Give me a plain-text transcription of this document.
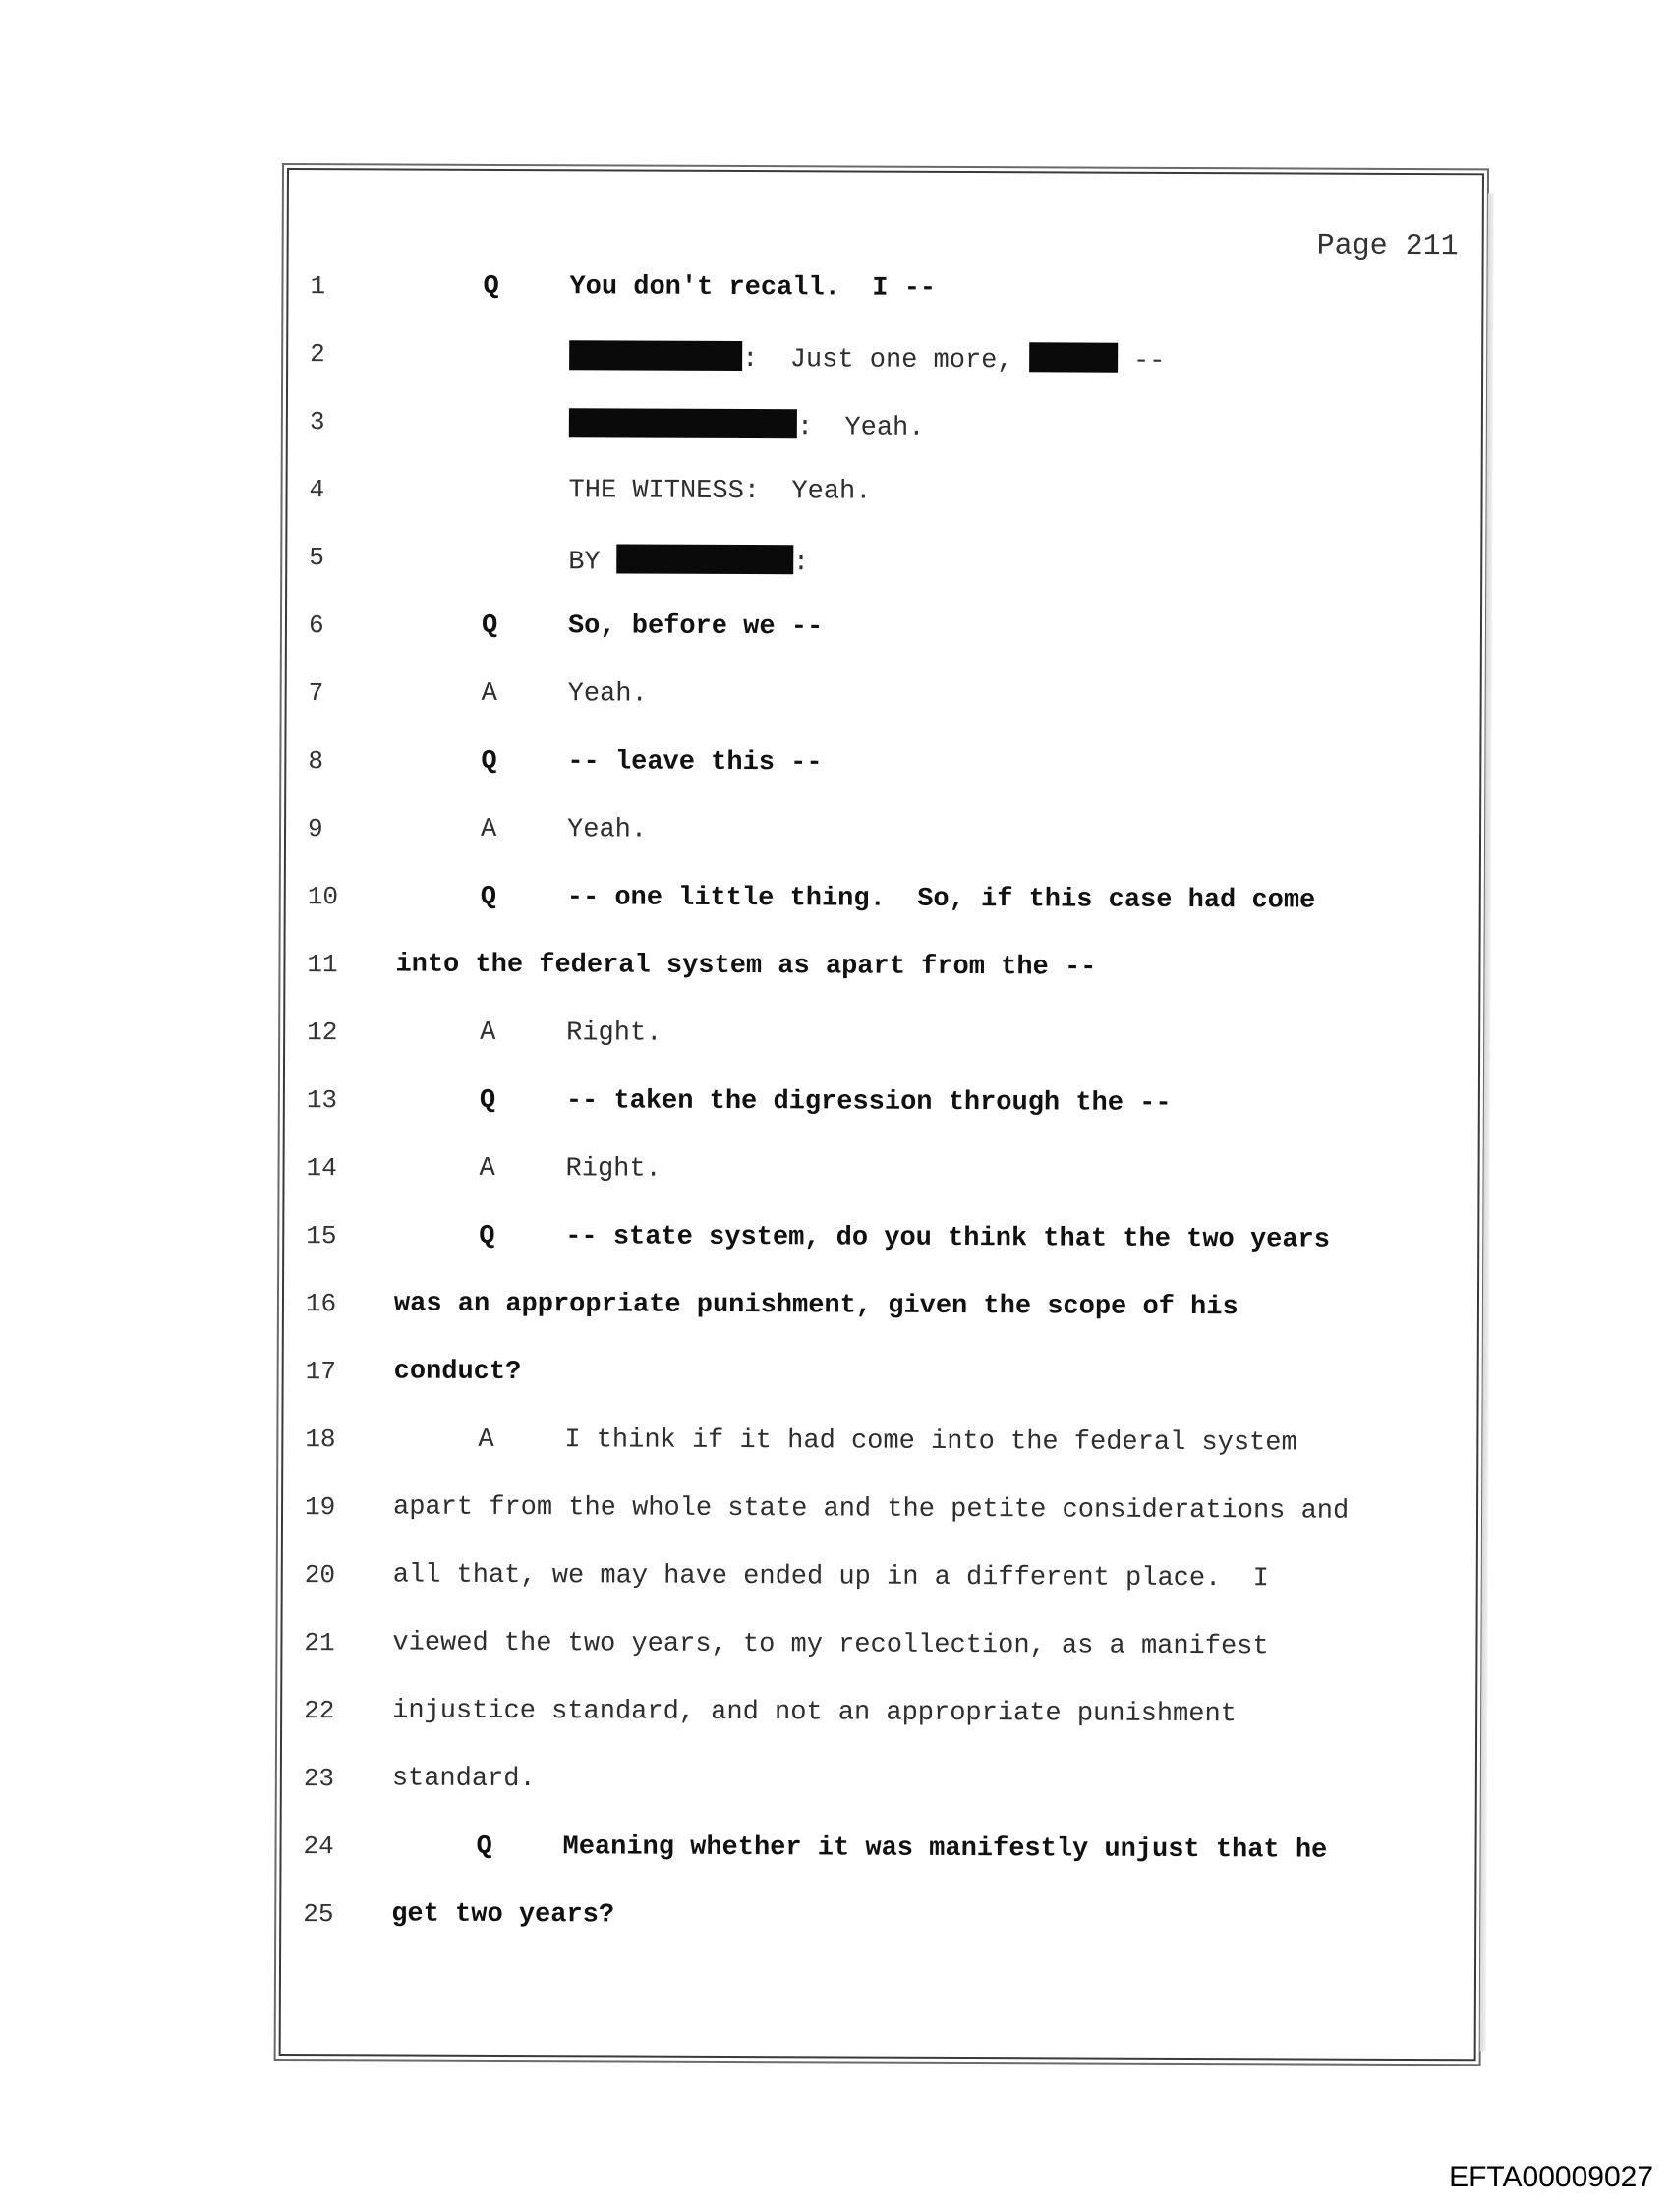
Page 211

1

	Q

	You don't recall.  I --

2

	:  Just one more,	--

3

	:  Yeah.

4

	THE WITNESS:  Yeah.

5

	BY	:

6

	Q

	So, before we --

7

	A

	Yeah.

8

	Q

	-- leave this --

9

	A

	Yeah.

10

	Q

	-- one little thing.  So, if this case had come

11

	into the federal system as apart from the --

12

	A

	Right.

13

	Q

	-- taken the digression through the --

14

	A

	Right.

15

	Q

	-- state system, do you think that the two years

16

	was an appropriate punishment, given the scope of his

17

	conduct?

18

	A

	I think if it had come into the federal system

19

	apart from the whole state and the petite considerations and

20

	all that, we may have ended up in a different place.  I

21

	viewed the two years, to my recollection, as a manifest

22

	injustice standard, and not an appropriate punishment

23

	standard.

24

	Q

	Meaning whether it was manifestly unjust that he

25

	get two years?

EFTA00009027
